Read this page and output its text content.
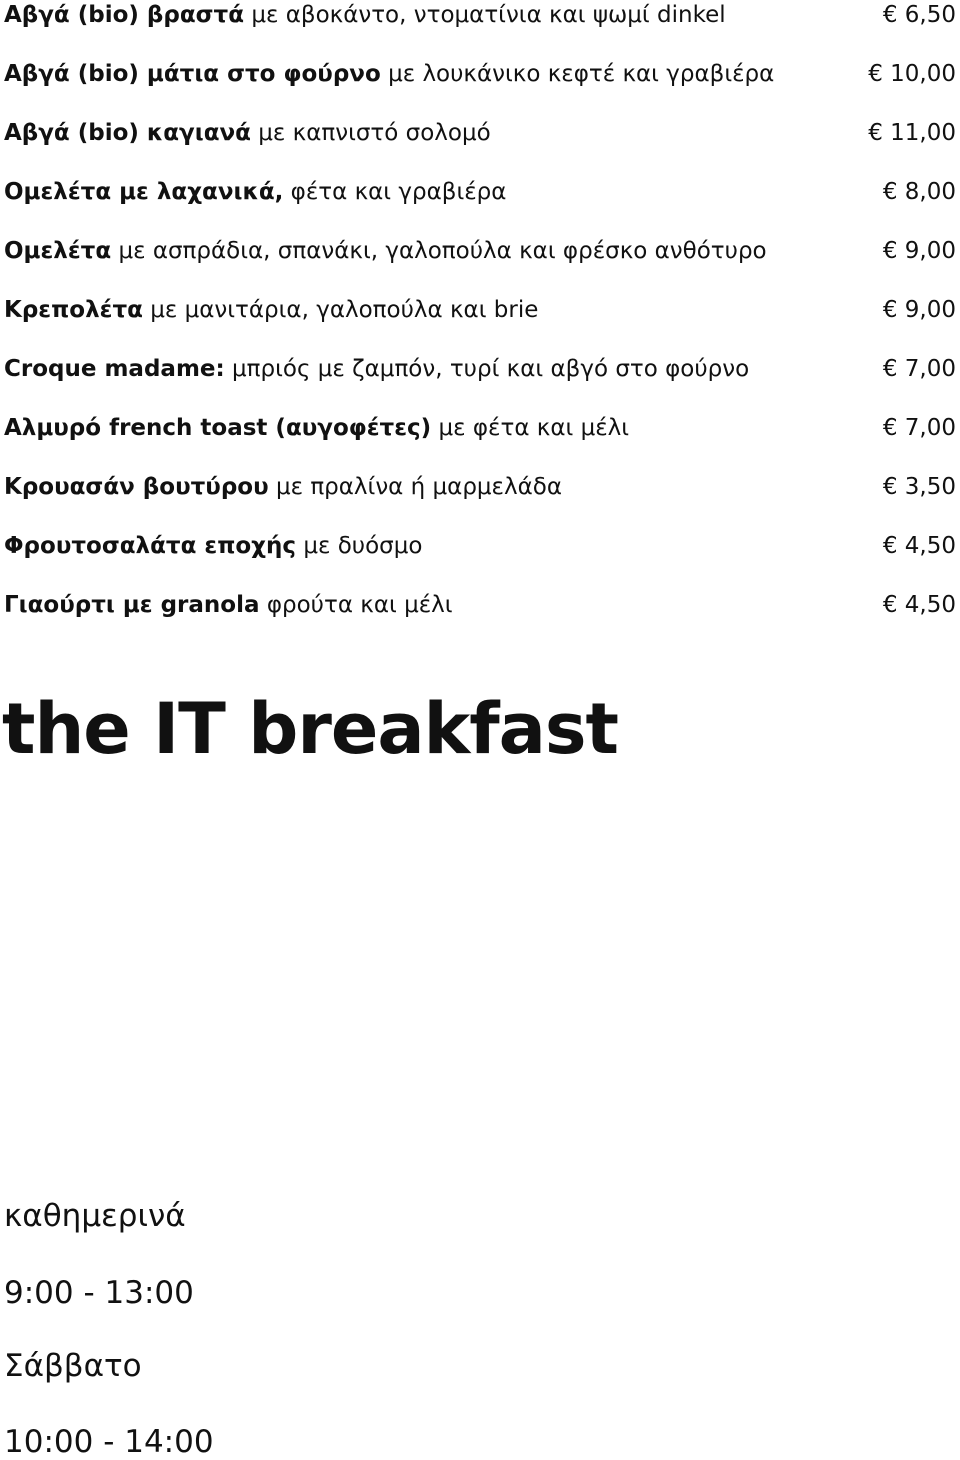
Αβγά (bio) βραστά με αβοκάντο, ντοματίνια και ψωμί dinkel	€ 6,50
Αβγά (bio) μάτια στο φούρνο με λουκάνικο κεφτέ και γραβιέρα	€ 10,00
Αβγά (bio) καγιανά με καπνιστό σολομό	€ 11,00
Ομελέτα με λαχανικά, φέτα και γραβιέρα	€ 8,00
Ομελέτα με ασπράδια, σπανάκι, γαλοπούλα και φρέσκο ανθότυρο	€ 9,00
Κρεπολέτα με μανιτάρια, γαλοπούλα και brie	€ 9,00
Croque madame: μπριός με ζαμπόν, τυρί και αβγό στο φούρνο	€ 7,00
Αλμυρό french toast (αυγοφέτες) με φέτα και μέλι	€ 7,00
Κρουασάν βουτύρου με πραλίνα ή μαρμελάδα	€ 3,50
Φρουτοσαλάτα εποχής με δυόσμο	€ 4,50
Γιαούρτι με granola φρούτα και μέλι	€ 4,50
the IT breakfast
καθημερινά
9:00 - 13:00
Σάββατο
10:00 - 14:00
